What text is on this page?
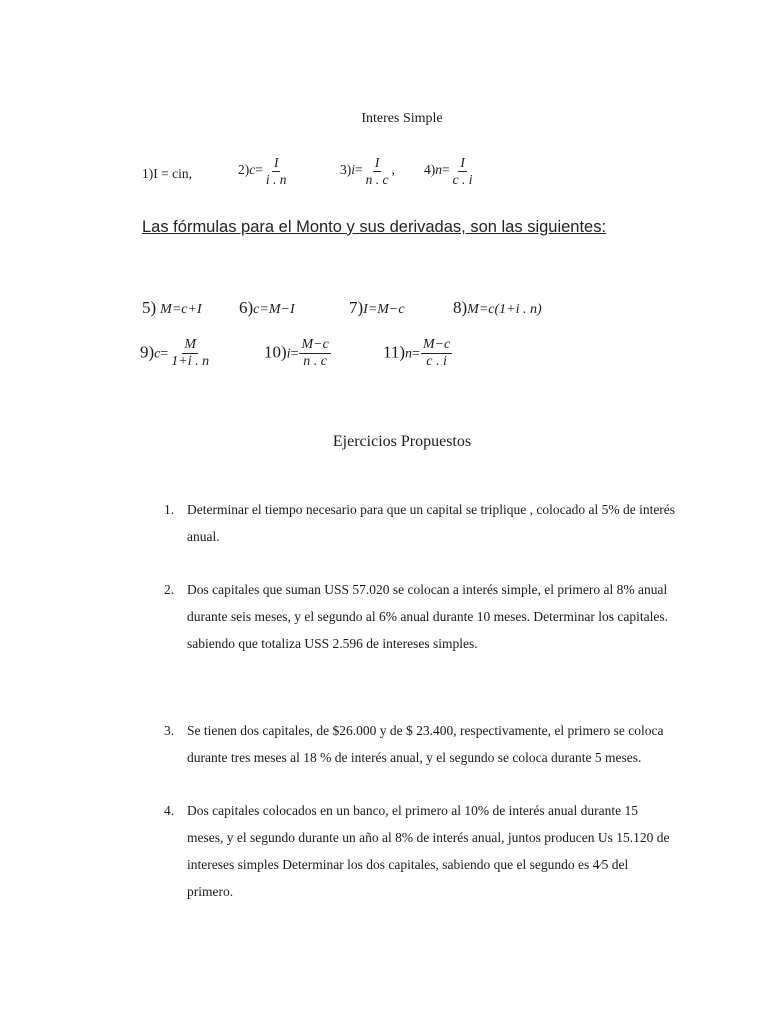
Interes Simple
1)I = cin,	$2)c= \frac{I}{i . n}$	$3)i= \frac{I}{n . c}$ , $4)n= \frac{I}{c . i}$
Las fórmulas para el Monto y sus derivadas, son las siguientes:
5) M=c+I 6)c=M−I	7)I=M−c	8)M=c(1+i . n)
$9)c= \frac{M}{1+i . n}$	$10)i= \frac{M-c}{n . c}$	$11)n= \frac{M-c}{c . i}$
Ejercicios Propuestos
1. Determinar el tiempo necesario para que un capital se triplique , colocado al 5% de interés anual.
2. Dos capitales que suman USS 57.020 se colocan a interés simple, el primero al 8% anual durante seis meses, y el segundo al 6% anual durante 10 meses. Determinar los capitales. sabiendo que totaliza USS 2.596 de intereses simples.
3. Se tienen dos capitales, de $26.000 y de $ 23.400, respectivamente, el primero se coloca durante tres meses al 18 % de interés anual, y el segundo se coloca durante 5 meses.
4. Dos capitales colocados en un banco, el primero al 10% de interés anual durante 15 meses, y el segundo durante un año al 8% de interés anual, juntos producen Us 15.120 de intereses simples Determinar los dos capitales, sabiendo que el segundo es 4⁄5 del primero.
